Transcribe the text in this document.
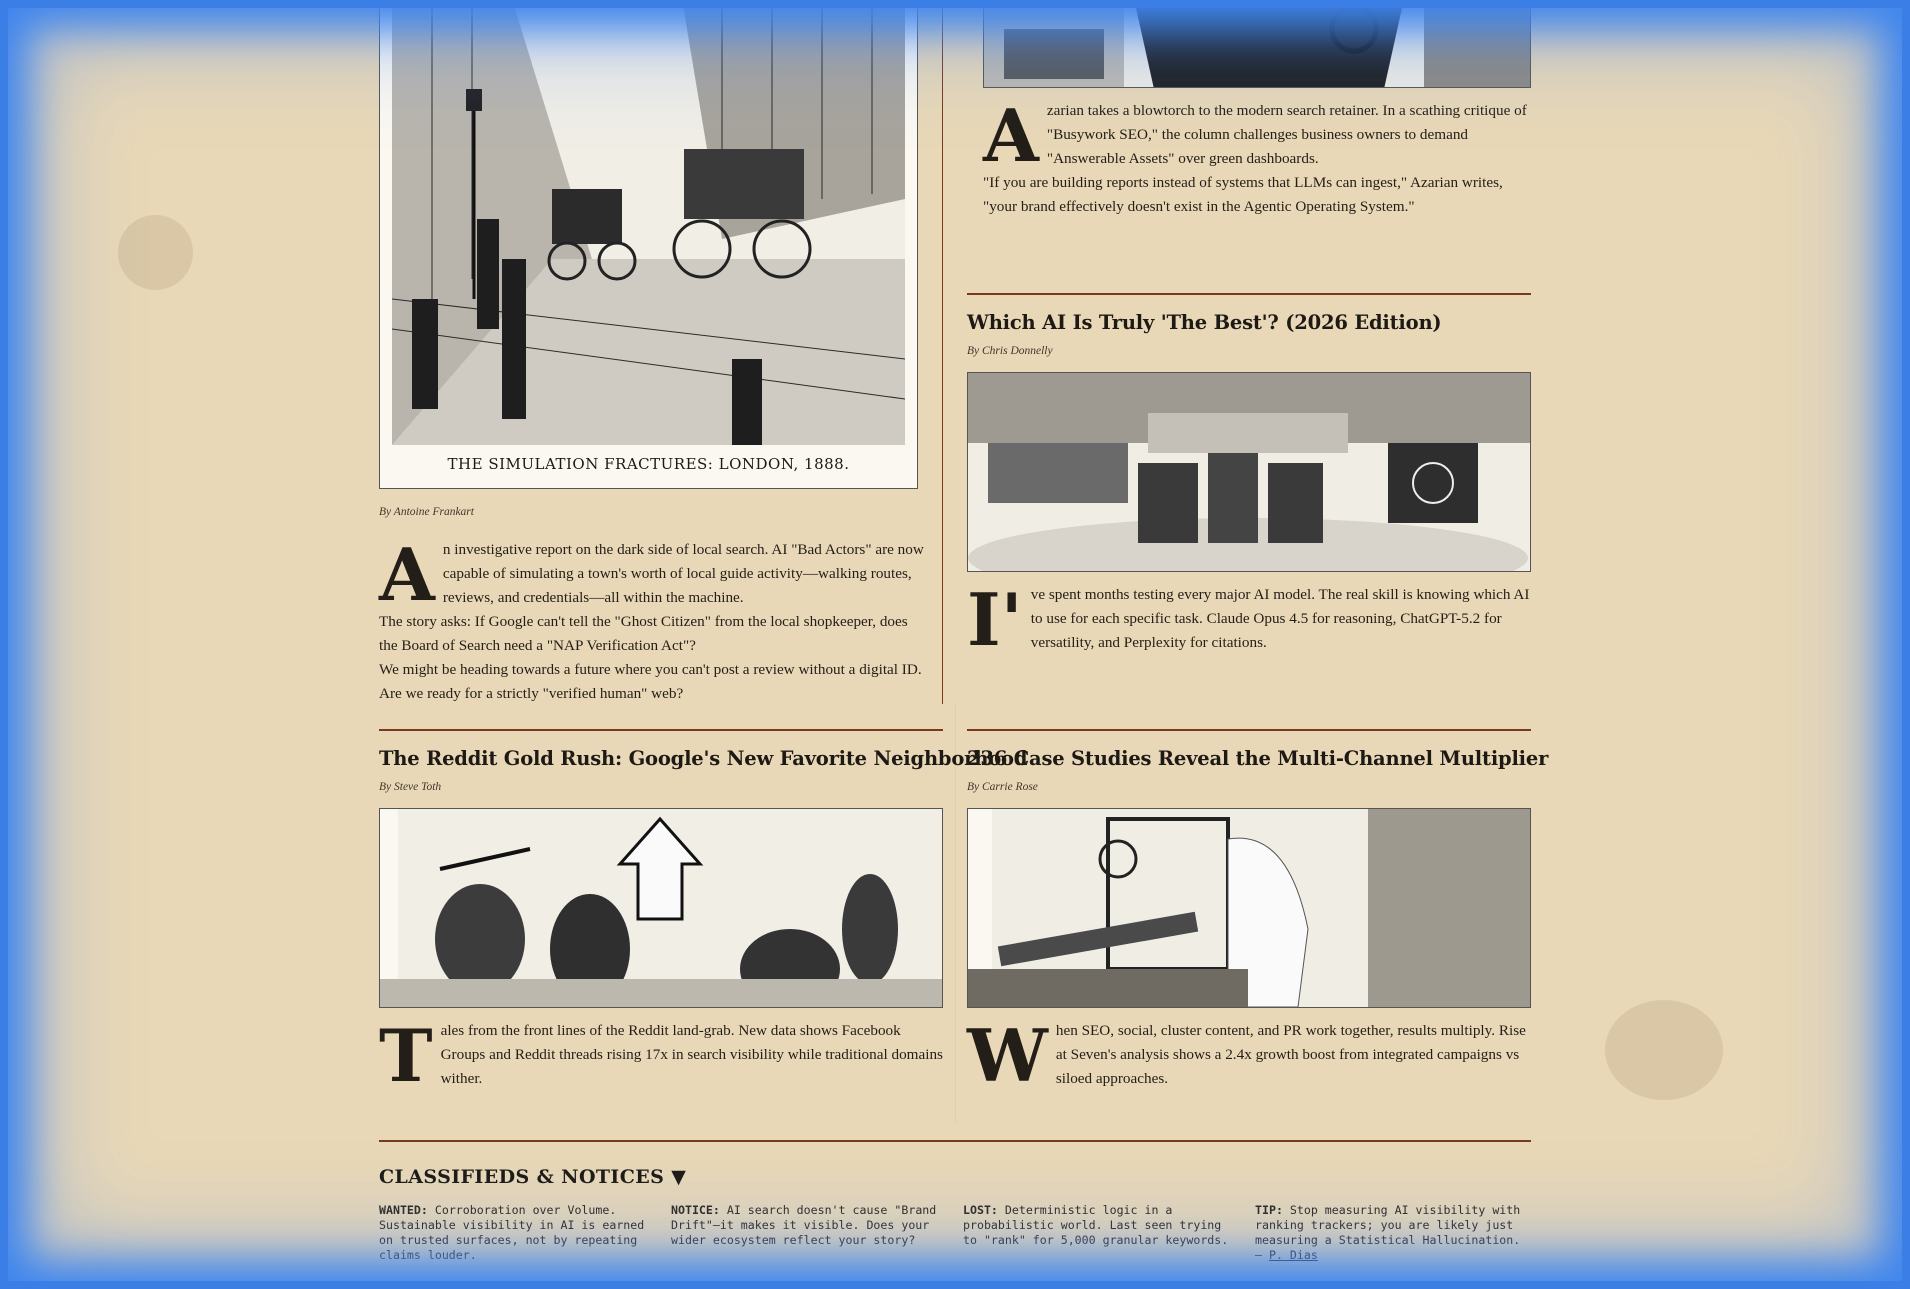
THE SIMULATION FRACTURES: LONDON, 1888.
By Antoine Frankart
A n investigative report on the dark side of local search. AI "Bad Actors" are now capable of simulating a town's worth of local guide activity—walking routes, reviews, and credentials—all within the machine.

The story asks: If Google can't tell the "Ghost Citizen" from the local shopkeeper, does the Board of Search need a "NAP Verification Act"?

We might be heading towards a future where you can't post a review without a digital ID. Are we ready for a strictly "verified human" web?

A zarian takes a blowtorch to the modern search retainer. In a scathing critique of "Busywork SEO," the column challenges business owners to demand "Answerable Assets" over green dashboards.

"If you are building reports instead of systems that LLMs can ingest," Azarian writes, "your brand effectively doesn't exist in the Agentic Operating System."

Which AI Is Truly 'The Best'? (2026 Edition)
By Chris Donnelly
I' ve spent months testing every major AI model. The real skill is knowing which AI to use for each specific task. Claude Opus 4.5 for reasoning, ChatGPT-5.2 for versatility, and Perplexity for citations.

The Reddit Gold Rush: Google's New Favorite Neighborhood
By Steve Toth
T ales from the front lines of the Reddit land-grab. New data shows Facebook Groups and Reddit threads rising 17x in search visibility while traditional domains wither.

236 Case Studies Reveal the Multi-Channel Multiplier
By Carrie Rose
W hen SEO, social, cluster content, and PR work together, results multiply. Rise at Seven's analysis shows a 2.4x growth boost from integrated campaigns vs siloed approaches.

CLASSIFIEDS & NOTICES ▼
WANTED: Corroboration over Volume. Sustainable visibility in AI is earned on trusted surfaces, not by repeating claims louder.
NOTICE: AI search doesn't cause "Brand Drift"—it makes it visible. Does your wider ecosystem reflect your story?
LOST: Deterministic logic in a probabilistic world. Last seen trying to "rank" for 5,000 granular keywords.
TIP: Stop measuring AI visibility with ranking trackers; you are likely just measuring a Statistical Hallucination. – P. Dias
